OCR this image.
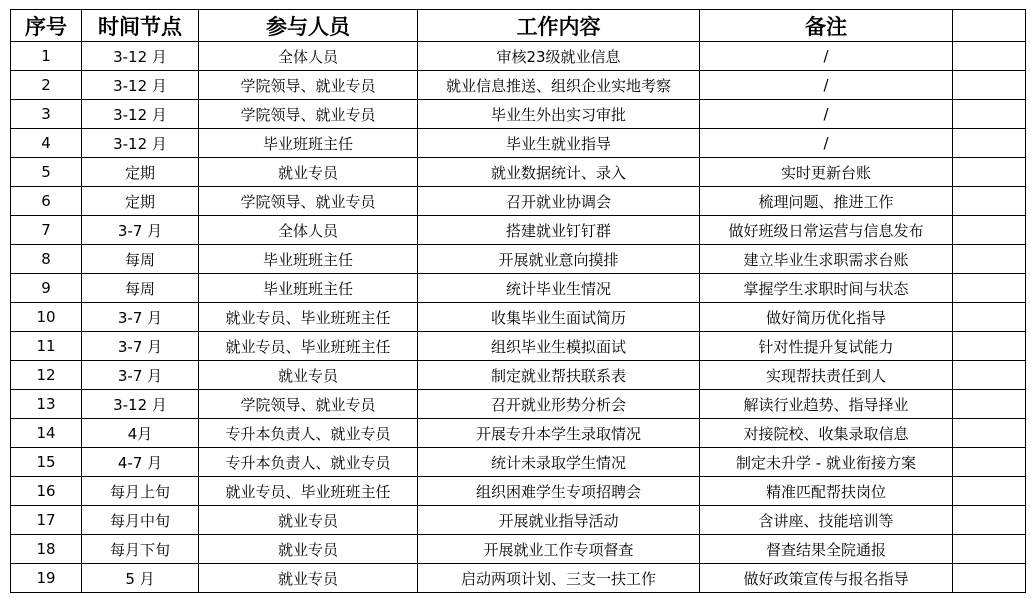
序号	时间节点	参与人员	工作内容	备注	
1	3-12 月	全体人员	审核23级就业信息	/	
2	3-12 月	学院领导、就业专员	就业信息推送、组织企业实地考察	/	
3	3-12 月	学院领导、就业专员	毕业生外出实习审批	/	
4	3-12 月	毕业班班主任	毕业生就业指导	/	
5	定期	就业专员	就业数据统计、录入	实时更新台账	
6	定期	学院领导、就业专员	召开就业协调会	梳理问题、推进工作	
7	3-7 月	全体人员	搭建就业钉钉群	做好班级日常运营与信息发布	
8	每周	毕业班班主任	开展就业意向摸排	建立毕业生求职需求台账	
9	每周	毕业班班主任	统计毕业生情况	掌握学生求职时间与状态	
10	3-7 月	就业专员、毕业班班主任	收集毕业生面试简历	做好简历优化指导	
11	3-7 月	就业专员、毕业班班主任	组织毕业生模拟面试	针对性提升复试能力	
12	3-7 月	就业专员	制定就业帮扶联系表	实现帮扶责任到人	
13	3-12 月	学院领导、就业专员	召开就业形势分析会	解读行业趋势、指导择业	
14	4月	专升本负责人、就业专员	开展专升本学生录取情况	对接院校、收集录取信息	
15	4-7 月	专升本负责人、就业专员	统计未录取学生情况	制定未升学 - 就业衔接方案	
16	每月上旬	就业专员、毕业班班主任	组织困难学生专项招聘会	精准匹配帮扶岗位	
17	每月中旬	就业专员	开展就业指导活动	含讲座、技能培训等	
18	每月下旬	就业专员	开展就业工作专项督查	督查结果全院通报	
19	5 月	就业专员	启动两项计划、三支一扶工作	做好政策宣传与报名指导	
